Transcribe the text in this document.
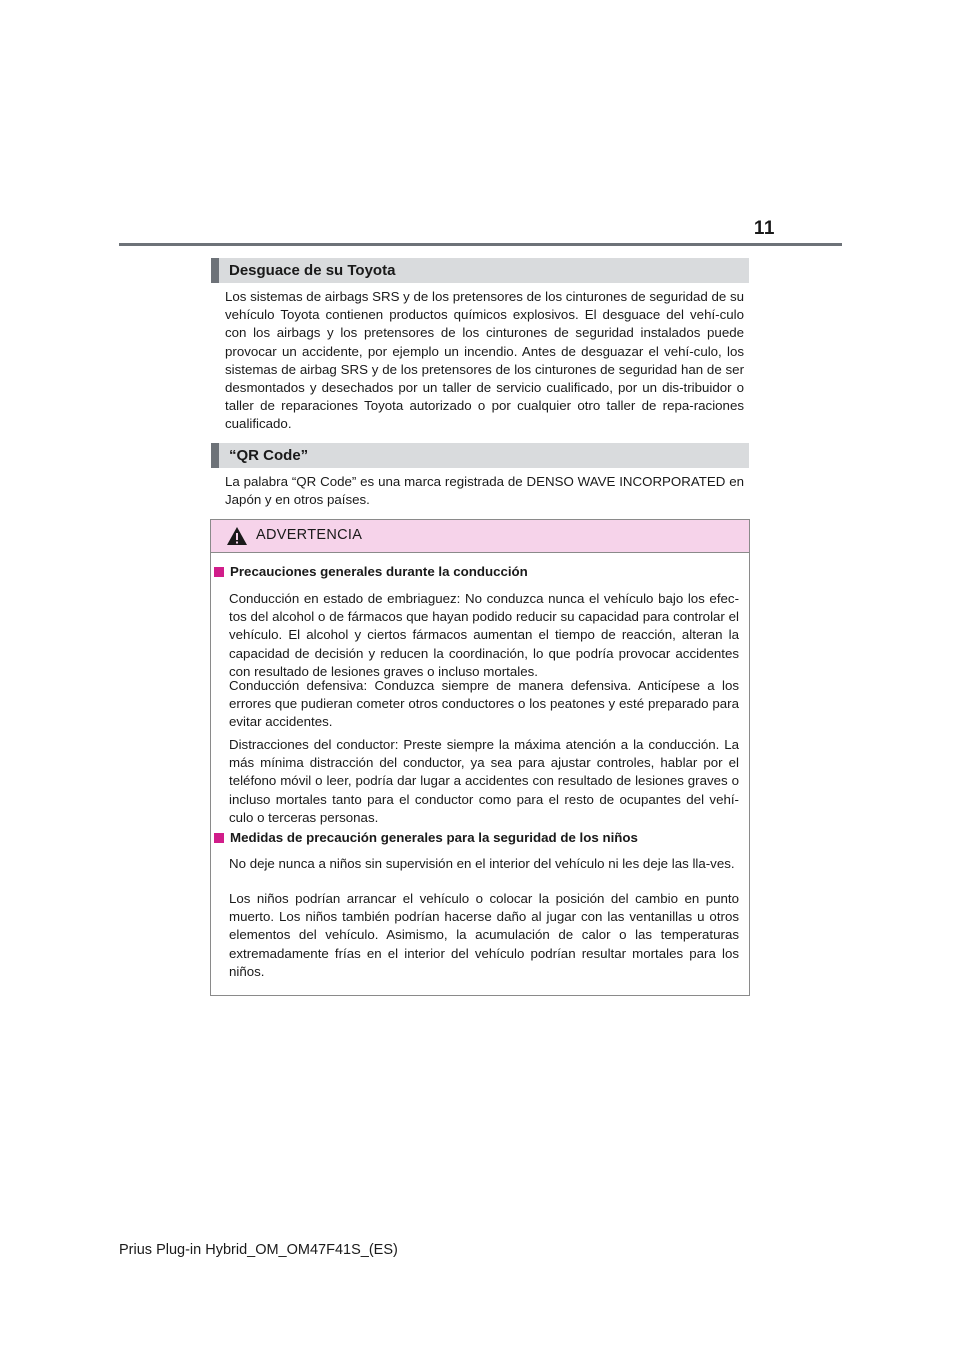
11
Desguace de su Toyota

Los sistemas de airbags SRS y de los pretensores de los cinturones de seguridad de su vehículo Toyota contienen productos químicos explosivos. El desguace del vehí-culo con los airbags y los pretensores de los cinturones de seguridad instalados puede provocar un accidente, por ejemplo un incendio. Antes de desguazar el vehí-culo, los sistemas de airbag SRS y de los pretensores de los cinturones de seguridad han de ser desmontados y desechados por un taller de servicio cualificado, por un dis-tribuidor o taller de reparaciones Toyota autorizado o por cualquier otro taller de repa-raciones cualificado.

“QR Code”

La palabra “QR Code” es una marca registrada de DENSO WAVE INCORPORATED en Japón y en otros países.

ADVERTENCIA
Precauciones generales durante la conducción

Conducción en estado de embriaguez: No conduzca nunca el vehículo bajo los efec-tos del alcohol o de fármacos que hayan podido reducir su capacidad para controlar el vehículo. El alcohol y ciertos fármacos aumentan el tiempo de reacción, alteran la capacidad de decisión y reducen la coordinación, lo que podría provocar accidentes con resultado de lesiones graves o incluso mortales.

Conducción defensiva: Conduzca siempre de manera defensiva. Anticípese a los errores que pudieran cometer otros conductores o los peatones y esté preparado para evitar accidentes.

Distracciones del conductor: Preste siempre la máxima atención a la conducción. La más mínima distracción del conductor, ya sea para ajustar controles, hablar por el teléfono móvil o leer, podría dar lugar a accidentes con resultado de lesiones graves o incluso mortales tanto para el conductor como para el resto de ocupantes del vehí-culo o terceras personas.

Medidas de precaución generales para la seguridad de los niños

No deje nunca a niños sin supervisión en el interior del vehículo ni les deje las lla-ves.

Los niños podrían arrancar el vehículo o colocar la posición del cambio en punto muerto. Los niños también podrían hacerse daño al jugar con las ventanillas u otros elementos del vehículo. Asimismo, la acumulación de calor o las temperaturas extremadamente frías en el interior del vehículo podrían resultar mortales para los niños.

Prius Plug-in Hybrid_OM_OM47F41S_(ES)
